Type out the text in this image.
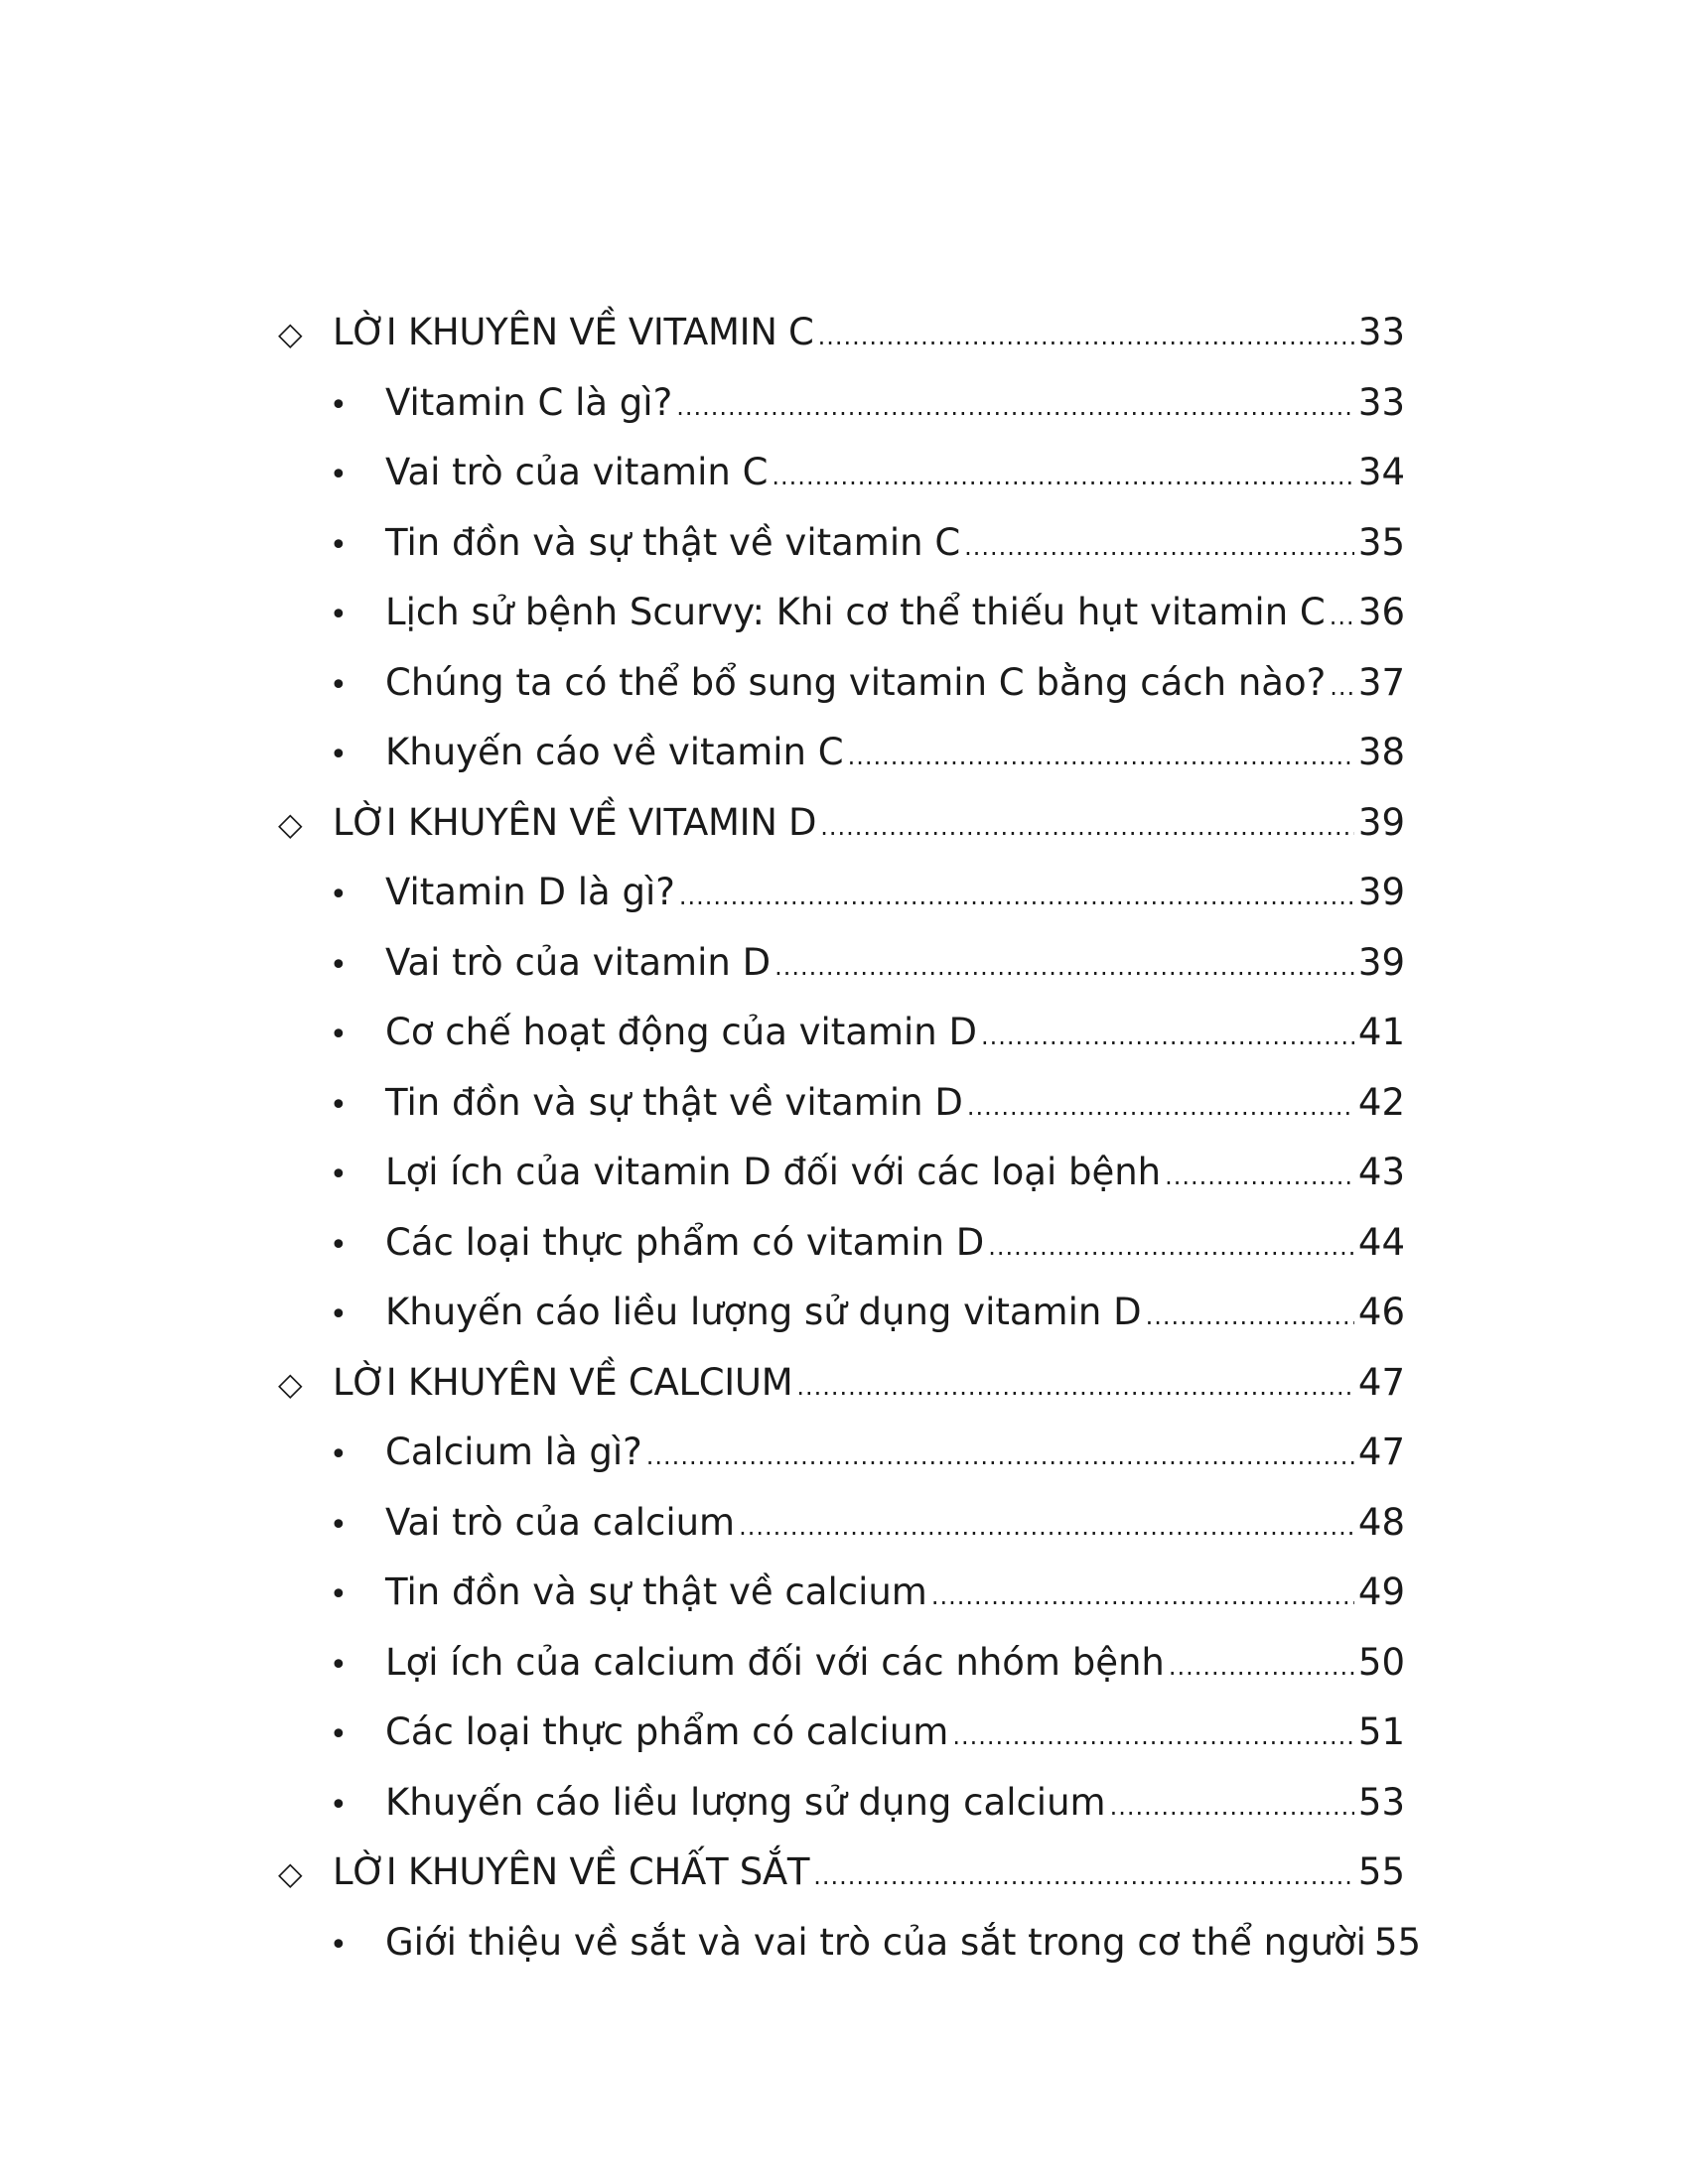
◇ LỜI KHUYÊN VỀ VITAMIN C .....	33
•	Vitamin C là gì? .....	33
•	Vai trò của vitamin C .....	34
•	Tin đồn và sự thật về vitamin C .....	35
•	Lịch sử bệnh Scurvy: Khi cơ thể thiếu hụt vitamin C ..... 36
•	Chúng ta có thể bổ sung vitamin C bằng cách nào? ..... 37
•	Khuyến cáo về vitamin C .....	38
◇ LỜI KHUYÊN VỀ VITAMIN D .....	39
•	Vitamin D là gì? .....	39
•	Vai trò của vitamin D .....	39
•	Cơ chế hoạt động của vitamin D .....	41
•	Tin đồn và sự thật về vitamin D .....	42
•	Lợi ích của vitamin D đối với các loại bệnh .....	43
•	Các loại thực phẩm có vitamin D .....	44
•	Khuyến cáo liều lượng sử dụng vitamin D .....	46
◇ LỜI KHUYÊN VỀ CALCIUM .....	47
•	Calcium là gì? .....	47
•	Vai trò của calcium .....	48
•	Tin đồn và sự thật về calcium .....	49
•	Lợi ích của calcium đối với các nhóm bệnh .....	50
•	Các loại thực phẩm có calcium .....	51
•	Khuyến cáo liều lượng sử dụng calcium .....	53
◇ LỜI KHUYÊN VỀ CHẤT SẮT .....	55
•	Giới thiệu về sắt và vai trò của sắt trong cơ thể người 55
